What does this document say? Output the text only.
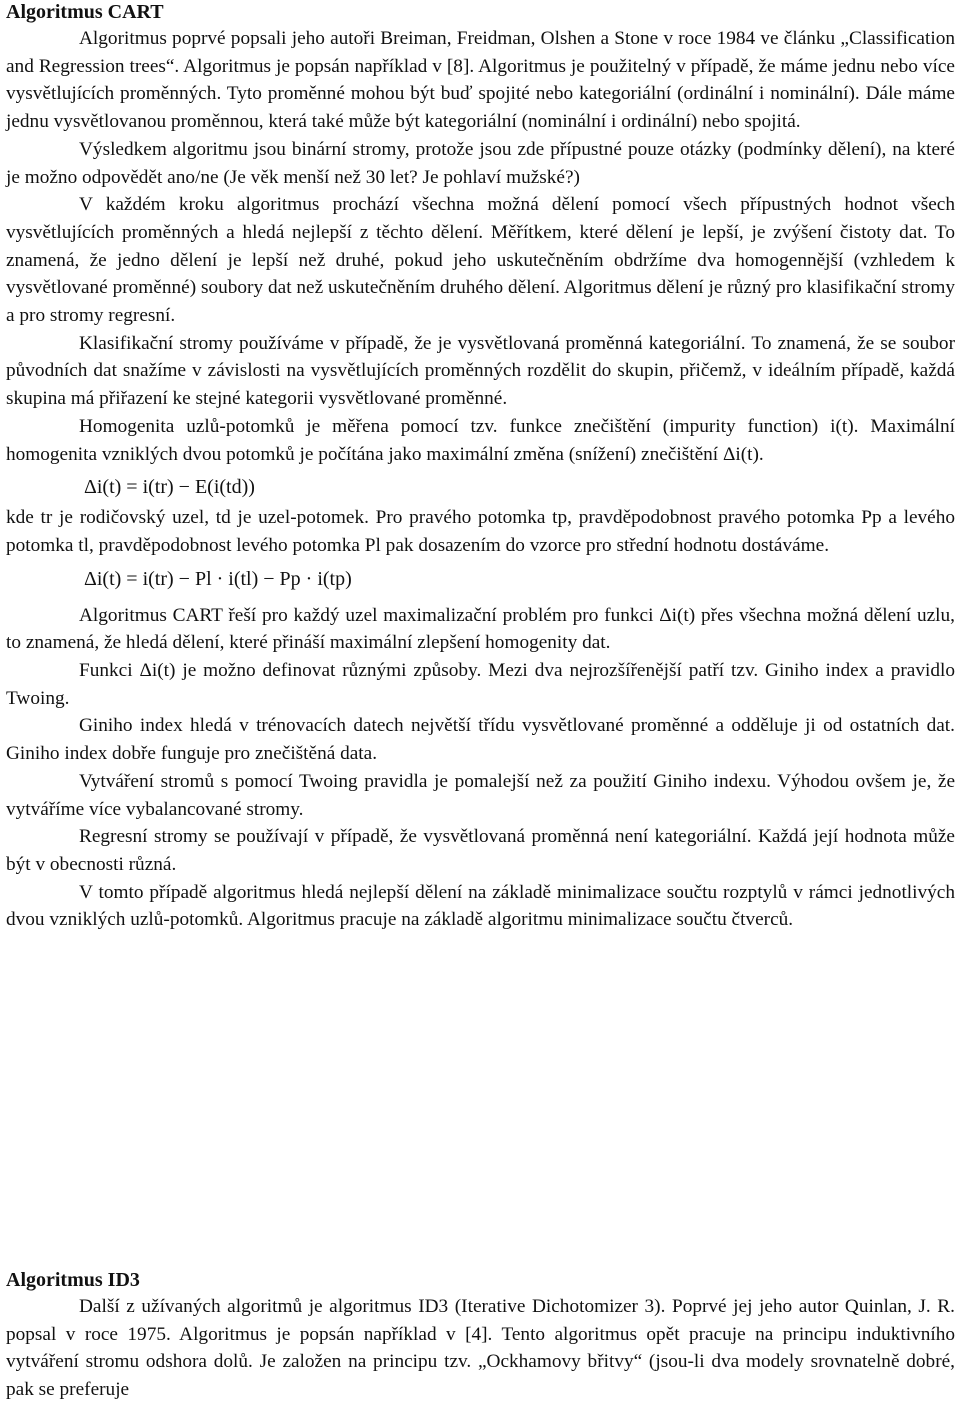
Algoritmus CART

Algoritmus poprvé popsali jeho autoři Breiman, Freidman, Olshen a Stone v roce 1984 ve článku „Classification and Regression trees“. Algoritmus je popsán například v [8]. Algoritmus je použitelný v případě, že máme jednu nebo více vysvětlujících proměnných. Tyto proměnné mohou být buď spojité nebo kategoriální (ordinální i nominální). Dále máme jednu vysvětlovanou proměnnou, která také může být kategoriální (nominální i ordinální) nebo spojitá.

Výsledkem algoritmu jsou binární stromy, protože jsou zde přípustné pouze otázky (podmínky dělení), na které je možno odpovědět ano/ne (Je věk menší než 30 let? Je pohlaví mužské?)

V každém kroku algoritmus prochází všechna možná dělení pomocí všech přípustných hodnot všech vysvětlujících proměnných a hledá nejlepší z těchto dělení. Měřítkem, které dělení je lepší, je zvýšení čistoty dat. To znamená, že jedno dělení je lepší než druhé, pokud jeho uskutečněním obdržíme dva homogennější (vzhledem k vysvětlované proměnné) soubory dat než uskutečněním druhého dělení. Algoritmus dělení je různý pro klasifikační stromy a pro stromy regresní.

Klasifikační stromy používáme v případě, že je vysvětlovaná proměnná kategoriální. To znamená, že se soubor původních dat snažíme v závislosti na vysvětlujících proměnných rozdělit do skupin, přičemž, v ideálním případě, každá skupina má přiřazení ke stejné kategorii vysvětlované proměnné.

Homogenita uzlů-potomků je měřena pomocí tzv. funkce znečištění (impurity function) i(t). Maximální homogenita vzniklých dvou potomků je počítána jako maximální změna (snížení) znečištění Δi(t).

Δi(t) = i(tr) − E(i(td))

kde tr je rodičovský uzel, td je uzel-potomek. Pro pravého potomka tp, pravděpodobnost pravého potomka Pp a levého potomka tl, pravděpodobnost levého potomka Pl pak dosazením do vzorce pro střední hodnotu dostáváme.

Δi(t) = i(tr) − Pl · i(tl) − Pp · i(tp)

Algoritmus CART řeší pro každý uzel maximalizační problém pro funkci Δi(t) přes všechna možná dělení uzlu, to znamená, že hledá dělení, které přináší maximální zlepšení homogenity dat.

Funkci Δi(t) je možno definovat různými způsoby. Mezi dva nejrozšířenější patří tzv. Giniho index a pravidlo Twoing.

Giniho index hledá v trénovacích datech největší třídu vysvětlované proměnné a odděluje ji od ostatních dat. Giniho index dobře funguje pro znečištěná data.

Vytváření stromů s pomocí Twoing pravidla je pomalejší než za použití Giniho indexu. Výhodou ovšem je, že vytváříme více vybalancované stromy.

Regresní stromy se používají v případě, že vysvětlovaná proměnná není kategoriální. Každá její hodnota může být v obecnosti různá.

V tomto případě algoritmus hledá nejlepší dělení na základě minimalizace součtu rozptylů v rámci jednotlivých dvou vzniklých uzlů-potomků. Algoritmus pracuje na základě algoritmu minimalizace součtu čtverců.

Algoritmus ID3

Další z užívaných algoritmů je algoritmus ID3 (Iterative Dichotomizer 3). Poprvé jej jeho autor Quinlan, J. R. popsal v roce 1975. Algoritmus je popsán například v [4]. Tento algoritmus opět pracuje na principu induktivního vytváření stromu odshora dolů. Je založen na principu tzv. „Ockhamovy břitvy“ (jsou-li dva modely srovnatelně dobré, pak se preferuje
